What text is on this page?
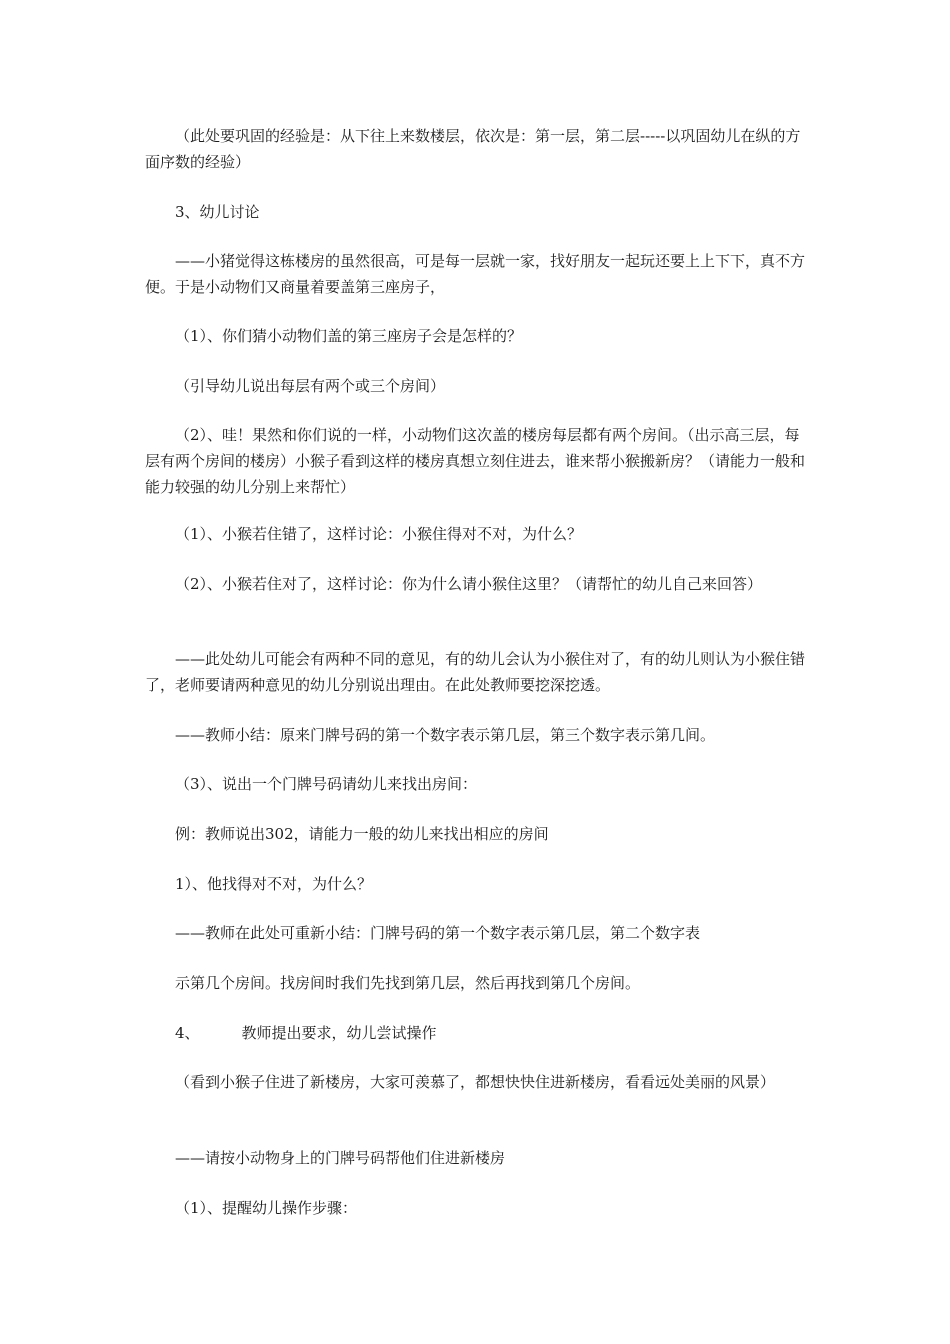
（此处要巩固的经验是：从下往上来数楼层，依次是：第一层，第二层-----以巩固幼儿在纵的方面序数的经验）

3、幼儿讨论

——小猪觉得这栋楼房的虽然很高，可是每一层就一家，找好朋友一起玩还要上上下下，真不方便。于是小动物们又商量着要盖第三座房子，

（1）、你们猜小动物们盖的第三座房子会是怎样的？

（引导幼儿说出每层有两个或三个房间）

（2）、哇！果然和你们说的一样，小动物们这次盖的楼房每层都有两个房间。（出示高三层，每层有两个房间的楼房）小猴子看到这样的楼房真想立刻住进去，谁来帮小猴搬新房？（请能力一般和能力较强的幼儿分别上来帮忙）

（1）、小猴若住错了，这样讨论：小猴住得对不对，为什么？

（2）、小猴若住对了，这样讨论：你为什么请小猴住这里？（请帮忙的幼儿自己来回答）

——此处幼儿可能会有两种不同的意见，有的幼儿会认为小猴住对了，有的幼儿则认为小猴住错了，老师要请两种意见的幼儿分别说出理由。在此处教师要挖深挖透。

——教师小结：原来门牌号码的第一个数字表示第几层，第三个数字表示第几间。

（3）、说出一个门牌号码请幼儿来找出房间：

例：教师说出302，请能力一般的幼儿来找出相应的房间

1）、他找得对不对，为什么？

——教师在此处可重新小结：门牌号码的第一个数字表示第几层，第二个数字表

示第几个房间。找房间时我们先找到第几层，然后再找到第几个房间。

4、	教师提出要求，幼儿尝试操作

（看到小猴子住进了新楼房，大家可羡慕了，都想快快住进新楼房，看看远处美丽的风景）

——请按小动物身上的门牌号码帮他们住进新楼房

（1）、提醒幼儿操作步骤：
